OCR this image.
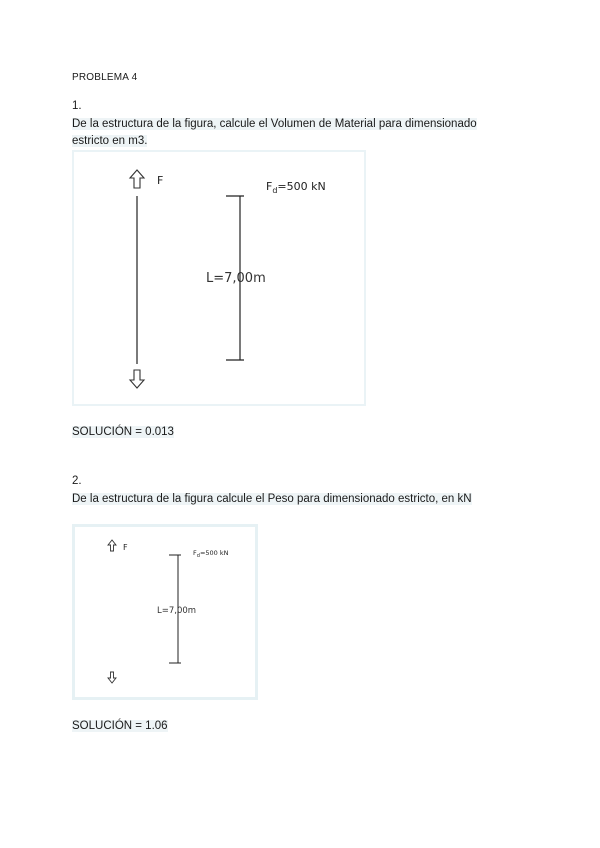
PROBLEMA 4
1.
De la estructura de la figura, calcule el Volumen de Material para dimensionado
estricto en m3.
F	$F_d=500$ kN
L=7,00m
SOLUCIÓN = 0.013
2.
De la estructura de la figura calcule el Peso para dimensionado estricto, en kN
F
$F_d=500$ kN
L=7,00m
SOLUCIÓN = 1.06
